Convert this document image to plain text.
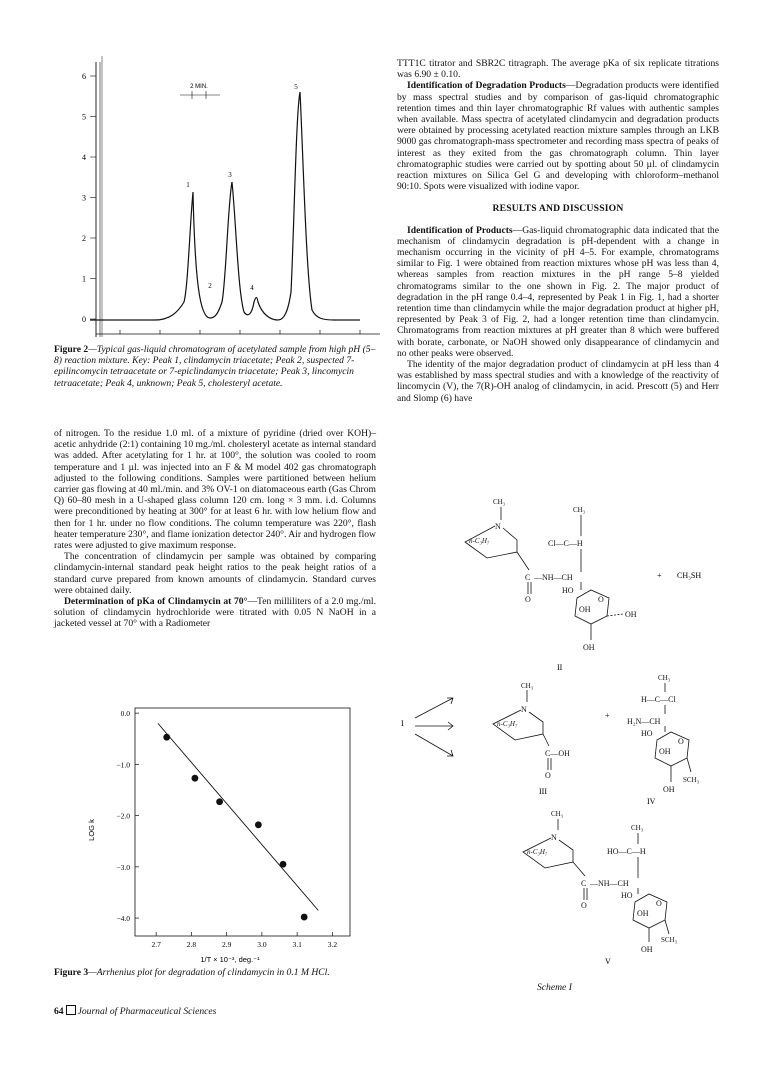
6
5
4
3
2
1
0
1
2
3
4
5
2 MIN.
Figure 2—Typical gas-liquid chromatogram of acetylated sample from high pH (5–8) reaction mixture. Key: Peak 1, clindamycin triacetate; Peak 2, suspected 7-epilincomycin tetraacetate or 7-epiclindamycin triacetate; Peak 3, lincomycin tetraacetate; Peak 4, unknown; Peak 5, cholesteryl acetate.

of nitrogen. To the residue 1.0 ml. of a mixture of pyridine (dried over KOH)–acetic anhydride (2:1) containing 10 mg./ml. cholesteryl acetate as internal standard was added. After acetylating for 1 hr. at 100°, the solution was cooled to room temperature and 1 µl. was injected into an F & M model 402 gas chromatograph adjusted to the following conditions. Samples were partitioned between helium carrier gas flowing at 40 ml./min. and 3% OV-1 on diatomaceous earth (Gas Chrom Q) 60–80 mesh in a U-shaped glass column 120 cm. long × 3 mm. i.d. Columns were preconditioned by heating at 300° for at least 6 hr. with low helium flow and then for 1 hr. under no flow conditions. The column temperature was 220°, flash heater temperature 230°, and flame ionization detector 240°. Air and hydrogen flow rates were adjusted to give maximum response.

The concentration of clindamycin per sample was obtained by comparing clindamycin-internal standard peak height ratios to the peak height ratios of a standard curve prepared from known amounts of clindamycin. Standard curves were obtained daily.

Determination of pKa of Clindamycin at 70°—Ten milliliters of a 2.0 mg./ml. solution of clindamycin hydrochloride were titrated with 0.05 N NaOH in a jacketed vessel at 70° with a Radiometer

2.7	2.8	2.9	3.0	3.1	3.2
0.0
−1.0
−2.0
−3.0
−4.0
LOG k
1/T × 10⁻³, deg.⁻¹
Figure 3—Arrhenius plot for degradation of clindamycin in 0.1 M HCl.

TTT1C titrator and SBR2C titragraph. The average pKa of six replicate titrations was 6.90 ± 0.10.

Identification of Degradation Products—Degradation products were identified by mass spectral studies and by comparison of gas-liquid chromatographic retention times and thin layer chromatographic Rf values with authentic samples when available. Mass spectra of acetylated clindamycin and degradation products were obtained by processing acetylated reaction mixture samples through an LKB 9000 gas chromatograph-mass spectrometer and recording mass spectra of peaks of interest as they exited from the gas chromatograph column. Thin layer chromatographic studies were carried out by spotting about 50 µl. of clindamycin reaction mixtures on Silica Gel G and developing with chloroform–methanol 90:10. Spots were visualized with iodine vapor.

RESULTS AND DISCUSSION

Identification of Products—Gas-liquid chromatographic data indicated that the mechanism of clindamycin degradation is pH-dependent with a change in mechanism occurring in the vicinity of pH 4–5. For example, chromatograms similar to Fig. 1 were obtained from reaction mixtures whose pH was less than 4, whereas samples from reaction mixtures in the pH range 5–8 yielded chromatograms similar to the one shown in Fig. 2. The major product of degradation in the pH range 0.4–4, represented by Peak 1 in Fig. 1, had a shorter retention time than clindamycin while the major degradation product at higher pH, represented by Peak 3 of Fig. 2, had a longer retention time than clindamycin. Chromatograms from reaction mixtures at pH greater than 8 which were buffered with borate, carbonate, or NaOH showed only disappearance of clindamycin and no other peaks were observed.

The identity of the major degradation product of clindamycin at pH less than 4 was established by mass spectral studies and with a knowledge of the reactivity of lincomycin (V), the 7(R)-OH analog of clindamycin, in acid. Prescott (5) and Herr and Slomp (6) have

CH₃
N
n-C₃H₇
C
O
—NH—CH
CH₃
Cl—C—H
HO
O
OH
OH
OH
+ CH₃SH
II
I
CH₃
N
n-C₃H₇
C—OH
O
III
+
CH₃
H—C—Cl
H₂N—CH
HO
O
OH
SCH₃
OH
IV
CH₃
N
n-C₃H₇
C
O
—NH—CH
CH₃
HO—C—H
HO
O
OH
SCH₃
OH
V
Scheme I
64 Journal of Pharmaceutical Sciences
